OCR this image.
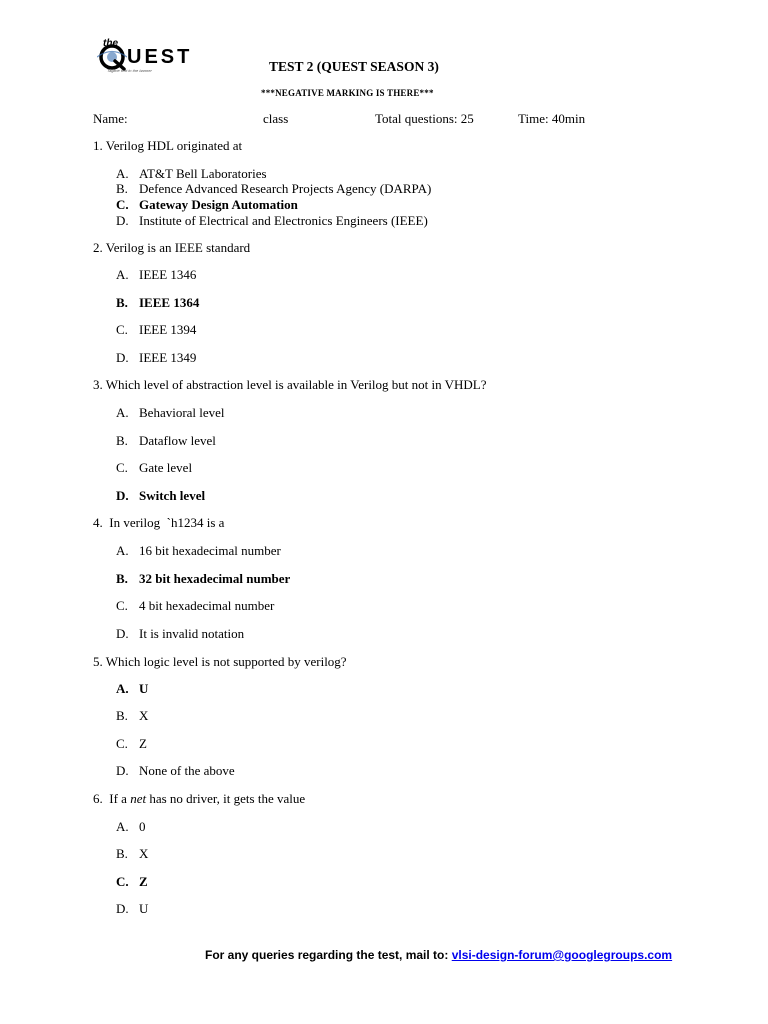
the
UEST
Tagline text in the banner	TEST 2 (QUEST SEASON 3)
***NEGATIVE MARKING IS THERE***
Name:	class	Total questions: 25	Time: 40min
1. Verilog HDL originated at
A. AT&T Bell Laboratories
B. Defence Advanced Research Projects Agency (DARPA)
C. Gateway Design Automation
D. Institute of Electrical and Electronics Engineers (IEEE)
2. Verilog is an IEEE standard
A. IEEE 1346
B. IEEE 1364
C. IEEE 1394
D. IEEE 1349
3. Which level of abstraction level is available in Verilog but not in VHDL?
A. Behavioral level
B. Dataflow level
C. Gate level
D. Switch level
4.  In verilog  `h1234 is a
A. 16 bit hexadecimal number
B. 32 bit hexadecimal number
C. 4 bit hexadecimal number
D. It is invalid notation
5. Which logic level is not supported by verilog?
A. U
B. X
C. Z
D. None of the above
6.  If a net has no driver, it gets the value
A. 0
B. X
C. Z
D. U
For any queries regarding the test, mail to: vlsi-design-forum@googlegroups.com
